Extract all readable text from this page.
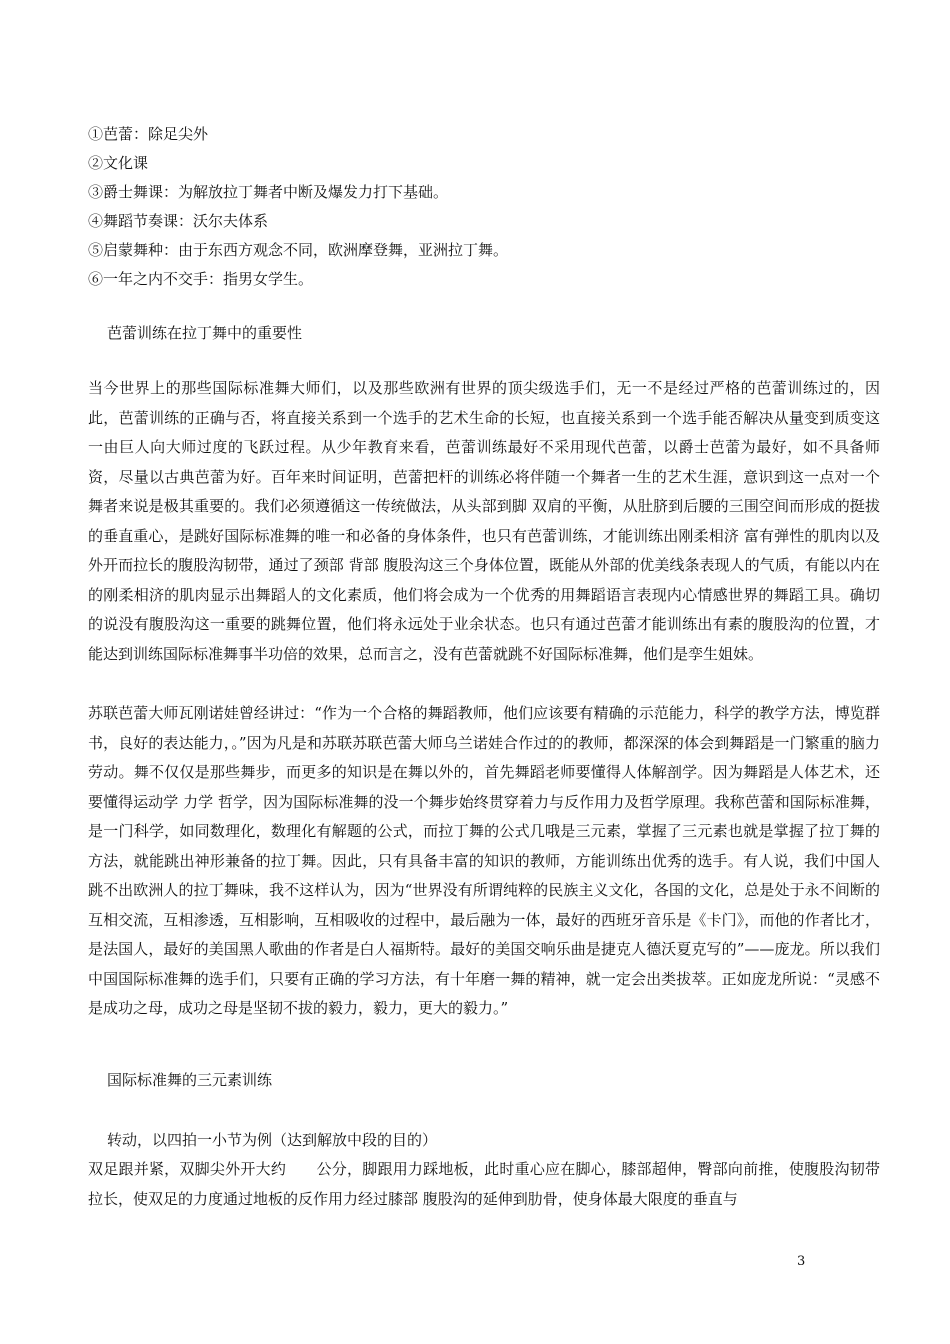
①芭蕾：除足尖外
②文化课
③爵士舞课：为解放拉丁舞者中断及爆发力打下基础。
④舞蹈节奏课：沃尔夫体系
⑤启蒙舞种：由于东西方观念不同，欧洲摩登舞，亚洲拉丁舞。
⑥一年之内不交手：指男女学生。
芭蕾训练在拉丁舞中的重要性

当今世界上的那些国际标准舞大师们，以及那些欧洲有世界的顶尖级选手们，无一不是经过严格的芭蕾训练过的，因此，芭蕾训练的正确与否，将直接关系到一个选手的艺术生命的长短，也直接关系到一个选手能否解决从量变到质变这一由巨人向大师过度的飞跃过程。从少年教育来看，芭蕾训练最好不采用现代芭蕾，以爵士芭蕾为最好，如不具备师资，尽量以古典芭蕾为好。百年来时间证明，芭蕾把杆的训练必将伴随一个舞者一生的艺术生涯，意识到这一点对一个舞者来说是极其重要的。我们必须遵循这一传统做法，从头部到脚 双肩的平衡，从肚脐到后腰的三围空间而形成的挺拔的垂直重心，是跳好国际标准舞的唯一和必备的身体条件，也只有芭蕾训练，才能训练出刚柔相济 富有弹性的肌肉以及外开而拉长的腹股沟韧带，通过了颈部 背部 腹股沟这三个身体位置，既能从外部的优美线条表现人的气质，有能以内在的刚柔相济的肌肉显示出舞蹈人的文化素质，他们将会成为一个优秀的用舞蹈语言表现内心情感世界的舞蹈工具。确切的说没有腹股沟这一重要的跳舞位置，他们将永远处于业余状态。也只有通过芭蕾才能训练出有素的腹股沟的位置，才能达到训练国际标准舞事半功倍的效果，总而言之，没有芭蕾就跳不好国际标准舞，他们是孪生姐妹。

苏联芭蕾大师瓦刚诺娃曾经讲过：“作为一个合格的舞蹈教师，他们应该要有精确的示范能力，科学的教学方法，博览群书，良好的表达能力，。”因为凡是和苏联苏联芭蕾大师乌兰诺娃合作过的的教师，都深深的体会到舞蹈是一门繁重的脑力劳动。舞不仅仅是那些舞步，而更多的知识是在舞以外的，首先舞蹈老师要懂得人体解剖学。因为舞蹈是人体艺术，还要懂得运动学 力学 哲学，因为国际标准舞的没一个舞步始终贯穿着力与反作用力及哲学原理。我称芭蕾和国际标准舞，是一门科学，如同数理化，数理化有解题的公式，而拉丁舞的公式几哦是三元素，掌握了三元素也就是掌握了拉丁舞的方法，就能跳出神形兼备的拉丁舞。因此，只有具备丰富的知识的教师，方能训练出优秀的选手。有人说，我们中国人跳不出欧洲人的拉丁舞味，我不这样认为，因为“世界没有所谓纯粹的民族主义文化，各国的文化，总是处于永不间断的互相交流，互相渗透，互相影响，互相吸收的过程中，最后融为一体，最好的西班牙音乐是《卡门》，而他的作者比才，是法国人，最好的美国黑人歌曲的作者是白人福斯特。最好的美国交响乐曲是捷克人德沃夏克写的”——庞龙。所以我们中国国际标准舞的选手们，只要有正确的学习方法，有十年磨一舞的精神，就一定会出类拔萃。正如庞龙所说：“灵感不是成功之母，成功之母是坚韧不拔的毅力，毅力，更大的毅力。”

国际标准舞的三元素训练
转动，以四拍一小节为例（达到解放中段的目的）

双足跟并紧，双脚尖外开大约　　公分，脚跟用力踩地板，此时重心应在脚心，膝部超伸，臀部向前推，使腹股沟韧带拉长，使双足的力度通过地板的反作用力经过膝部 腹股沟的延伸到肋骨，使身体最大限度的垂直与

3
